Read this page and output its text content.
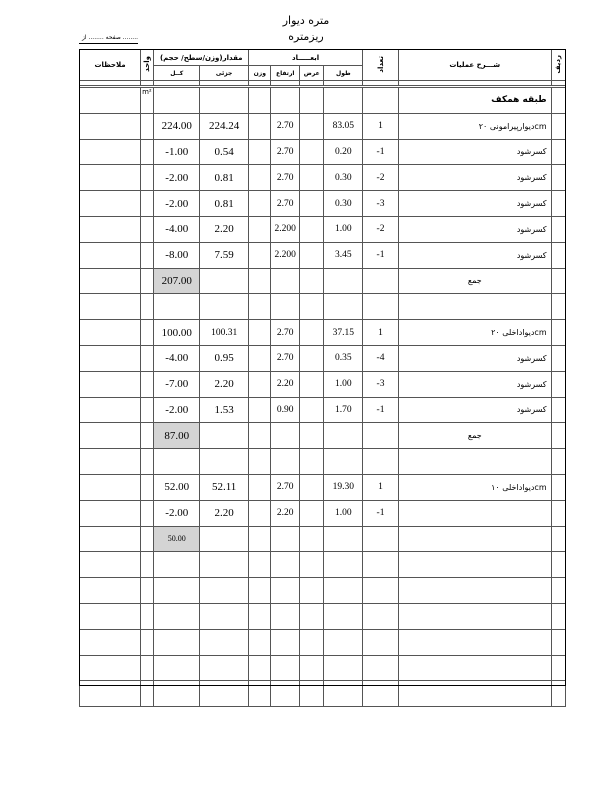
متره دیوار
ریزمتره
صفحه ........ از ........
ملاحظات	واحد	مقدار(وزن/سطح/ حجم)		ابعـــــاد				تعداد	شـــرح عملیات	ردیف
		کــل	جزئی	وزن	ارتفاع	عرض	طول			

	m²								طبقه همکف	
		224.00	224.24		2.70		83.05	1	دیوارپیرامونی ۲۰cm	
		-1.00	0.54		2.70		0.20	-1	کسرشود	
		-2.00	0.81		2.70		0.30	-2	کسرشود	
		-2.00	0.81		2.70		0.30	-3	کسرشود	
		-4.00	2.20		2.200		1.00	-2	کسرشود	
		-8.00	7.59		2.200		3.45	-1	کسرشود	
		207.00							جمع	

		100.00	100.31		2.70		37.15	1	دیواداخلی ۲۰cm	
		-4.00	0.95		2.70		0.35	-4	کسرشود	
		-7.00	2.20		2.20		1.00	-3	کسرشود	
		-2.00	1.53		0.90		1.70	-1	کسرشود	
		87.00							جمع	

		52.00	52.11		2.70		19.30	1	دیواداخلی ۱۰cm	
		-2.00	2.20		2.20		1.00	-1		
		50.00								
